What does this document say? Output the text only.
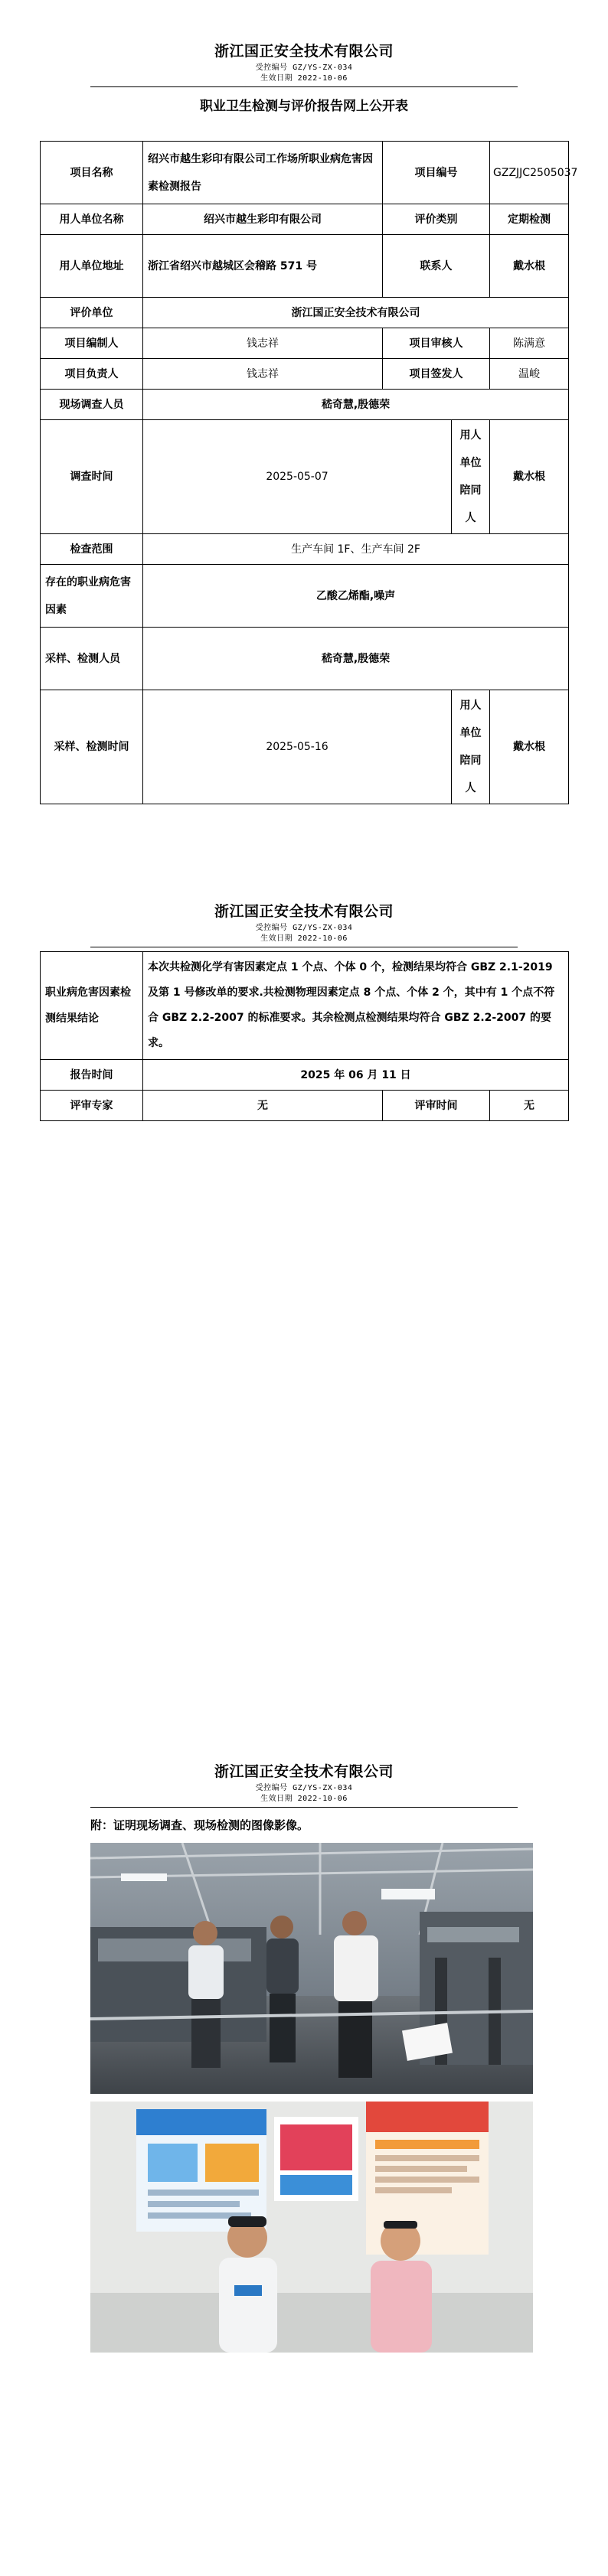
浙江国正安全技术有限公司
受控编号 GZ/YS-ZX-034
生效日期 2022-10-06
职业卫生检测与评价报告网上公开表
项目名称	绍兴市越生彩印有限公司工作场所职业病危害因素检测报告	项目编号		GZZJJC2505037
用人单位名称	绍兴市越生彩印有限公司	评价类别		定期检测
用人单位地址	浙江省绍兴市越城区会稽路 571 号	联系人		戴水根
评价单位	浙江国正安全技术有限公司			
项目编制人	钱志祥	项目审核人		陈满意
项目负责人	钱志祥	项目签发人		温峻
现场调查人员	嵇奇慧,殷德荣			
调查时间	2025-05-07		用人单位陪同人	戴水根
检查范围	生产车间 1F、生产车间 2F			
存在的职业病危害因素	乙酸乙烯酯,噪声			
采样、检测人员	嵇奇慧,殷德荣			
采样、检测时间	2025-05-16		用人单位陪同人	戴水根
浙江国正安全技术有限公司
受控编号 GZ/YS-ZX-034
生效日期 2022-10-06
职业病危害因素检测结果结论	本次共检测化学有害因素定点 1 个点、个体 0 个，检测结果均符合 GBZ 2.1-2019 及第 1 号修改单的要求.共检测物理因素定点 8 个点、个体 2 个，其中有 1 个点不符合 GBZ 2.2-2007 的标准要求。其余检测点检测结果均符合 GBZ 2.2-2007 的要求。		
报告时间	2025 年 06 月 11 日		
评审专家	无	评审时间	无
浙江国正安全技术有限公司
受控编号 GZ/YS-ZX-034
生效日期 2022-10-06
附：证明现场调查、现场检测的图像影像。
